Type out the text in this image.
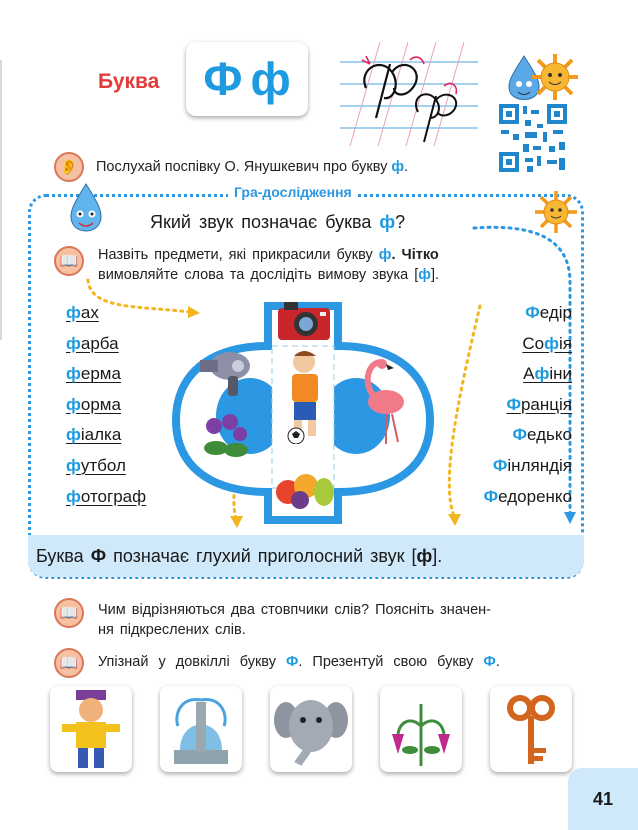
Буква Ф ф
👂	Послухай поспівку О. Янушкевич про букву ф.
Гра-дослідження
Який звук позначає буква ф?
📖	Назвіть предмети, які прикрасили букву ф. Чітко
вимовляйте слова та дослідіть вимову звука [ф].
фах
фарба
ферма
форма
фіалка
футбол
фотограф
Федір
Софія
Афіни
Франція
Федько
Фінляндія
Федоренко
Буква Ф позначає глухий приголосний звук [ф].
📖	Чим відрізняються два стовпчики слів? Поясніть значен-
ня підкреслених слів.
📖	Упізнай у довкіллі букву Ф. Презентуй свою букву Ф.
41
